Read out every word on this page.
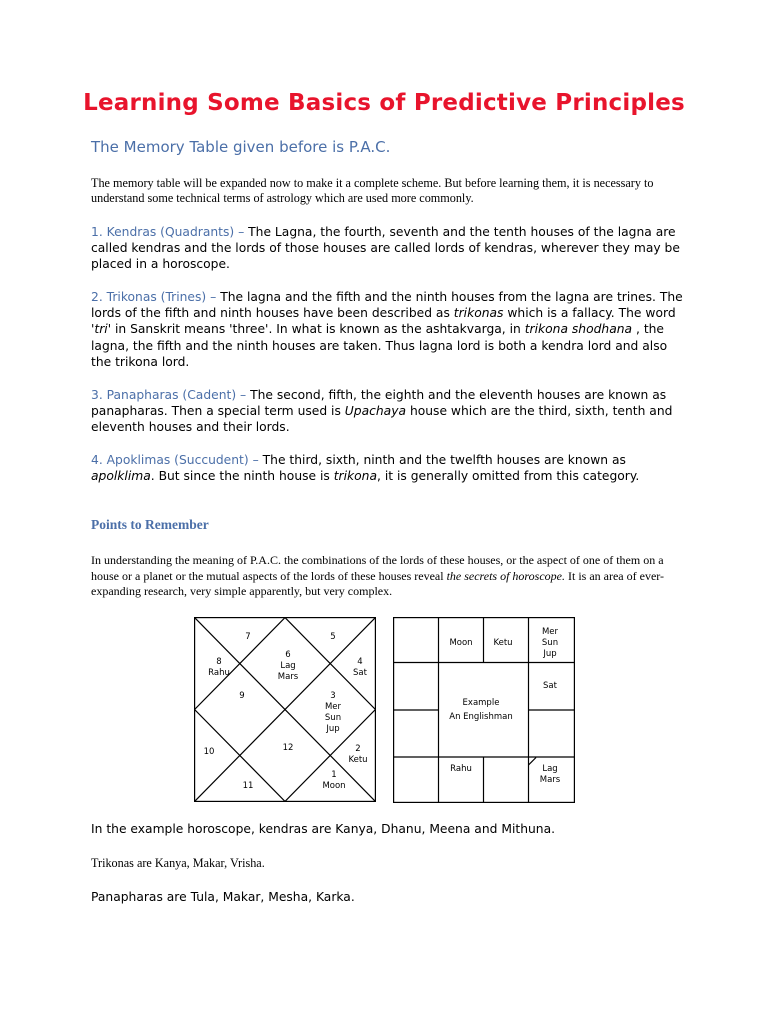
Learning Some Basics of Predictive Principles
The Memory Table given before is P.A.C.
The memory table will be expanded now to make it a complete scheme. But before learning them, it is necessary to understand some technical terms of astrology which are used more commonly.
1. Kendras (Quadrants) – The Lagna, the fourth, seventh and the tenth houses of the lagna are called kendras and the lords of those houses are called lords of kendras, wherever they may be placed in a horoscope.
2. Trikonas (Trines) – The lagna and the fifth and the ninth houses from the lagna are trines. The lords of the fifth and ninth houses have been described as trikonas which is a fallacy. The word 'tri' in Sanskrit means 'three'. In what is known as the ashtakvarga, in trikona shodhana , the lagna, the fifth and the ninth houses are taken. Thus lagna lord is both a kendra lord and also the trikona lord.
3. Panapharas (Cadent) – The second, fifth, the eighth and the eleventh houses are known as panapharas. Then a special term used is Upachaya house which are the third, sixth, tenth and eleventh houses and their lords.
4. Apoklimas (Succudent) – The third, sixth, ninth and the twelfth houses are known as apolklima. But since the ninth house is trikona, it is generally omitted from this category.
Points to Remember
In understanding the meaning of P.A.C. the combinations of the lords of these houses, or the aspect of one of them on a house or a planet or the mutual aspects of the lords of these houses reveal the secrets of horoscope. It is an area of ever-expanding research, very simple apparently, but very complex.
7	5
6
Lag
Mars
8
Rahu
4
Sat
9	3
Mer
Sun
Jup
10	12	2
Ketu
11
1
Moon
Moon Ketu
Mer
Sun
Jup
Sat
Example
An Englishman
Rahu	Lag
Mars
In the example horoscope, kendras are Kanya, Dhanu, Meena and Mithuna.
Trikonas are Kanya, Makar, Vrisha.
Panapharas are Tula, Makar, Mesha, Karka.
